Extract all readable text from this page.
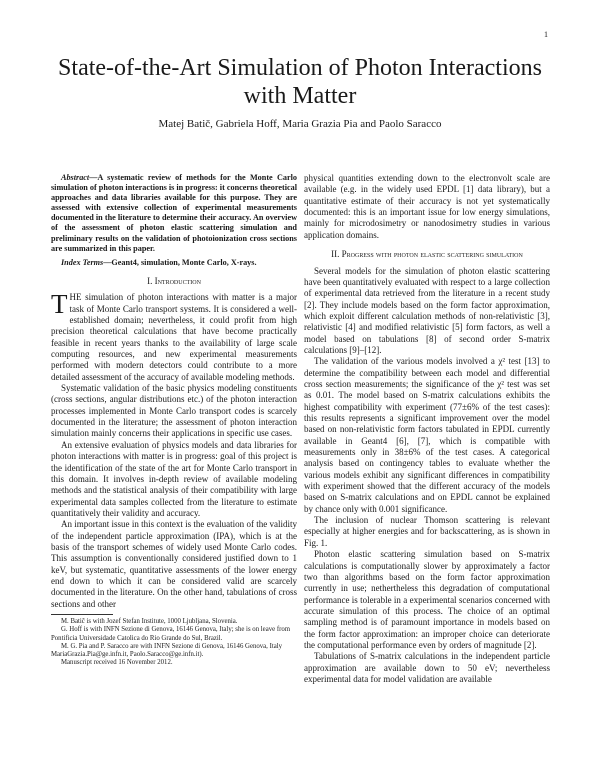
1
State-of-the-Art Simulation of Photon Interactions with Matter
Matej Batič, Gabriela Hoff, Maria Grazia Pia and Paolo Saracco

Abstract—A systematic review of methods for the Monte Carlo simulation of photon interactions is in progress: it concerns theoretical approaches and data libraries available for this purpose. They are assessed with extensive collection of experimental measurements documented in the literature to determine their accuracy. An overview of the assessment of photon elastic scattering simulation and preliminary results on the validation of photoionization cross sections are summarized in this paper.

Index Terms—Geant4, simulation, Monte Carlo, X-rays.

I. Introduction

THE simulation of photon interactions with matter is a major task of Monte Carlo transport systems. It is considered a well-established domain; nevertheless, it could profit from high precision theoretical calculations that have become practically feasible in recent years thanks to the availability of large scale computing resources, and new experimental measurements performed with modern detectors could contribute to a more detailed assessment of the accuracy of available modeling methods.

Systematic validation of the basic physics modeling constituents (cross sections, angular distributions etc.) of the photon interaction processes implemented in Monte Carlo transport codes is scarcely documented in the literature; the assessment of photon interaction simulation mainly concerns their applications in specific use cases.

An extensive evaluation of physics models and data libraries for photon interactions with matter is in progress: goal of this project is the identification of the state of the art for Monte Carlo transport in this domain. It involves in-depth review of available modeling methods and the statistical analysis of their compatibility with large experimental data samples collected from the literature to estimate quantitatively their validity and accuracy.

An important issue in this context is the evaluation of the validity of the independent particle approximation (IPA), which is at the basis of the transport schemes of widely used Monte Carlo codes. This assumption is conventionally considered justified down to 1 keV, but systematic, quantitative assessments of the lower energy end down to which it can be considered valid are scarcely documented in the literature. On the other hand, tabulations of cross sections and other

M. Batič is with Jozef Stefan Institute, 1000 Ljubljana, Slovenia.

G. Hoff is with INFN Sezione di Genova, 16146 Genova, Italy; she is on leave from Pontificia Universidade Catolica do Rio Grande do Sul, Brazil.

M. G. Pia and P. Saracco are with INFN Sezione di Genova, 16146 Genova, Italy MariaGrazia.Pia@ge.infn.it, Paolo.Saracco@ge.infn.it).

Manuscript received 16 November 2012.

physical quantities extending down to the electronvolt scale are available (e.g. in the widely used EPDL [1] data library), but a quantitative estimate of their accuracy is not yet systematically documented: this is an important issue for low energy simulations, mainly for microdosimetry or nanodosimetry studies in various application domains.

II. Progress with photon elastic scattering simulation

Several models for the simulation of photon elastic scattering have been quantitatively evaluated with respect to a large collection of experimental data retrieved from the literature in a recent study [2]. They include models based on the form factor approximation, which exploit different calculation methods of non-relativistic [3], relativistic [4] and modified relativistic [5] form factors, as well a model based on tabulations [8] of second order S-matrix calculations [9]–[12].

The validation of the various models involved a χ² test [13] to determine the compatibility between each model and differential cross section measurements; the significance of the χ² test was set as 0.01. The model based on S-matrix calculations exhibits the highest compatibility with experiment (77±6% of the test cases): this results represents a significant improvement over the model based on non-relativistic form factors tabulated in EPDL currently available in Geant4 [6], [7], which is compatible with measurements only in 38±6% of the test cases. A categorical analysis based on contingency tables to evaluate whether the various models exhibit any significant differences in compatibility with experiment showed that the different accuracy of the models based on S-matrix calculations and on EPDL cannot be explained by chance only with 0.001 significance.

The inclusion of nuclear Thomson scattering is relevant especially at higher energies and for backscattering, as is shown in Fig. 1.

Photon elastic scattering simulation based on S-matrix calculations is computationally slower by approximately a factor two than algorithms based on the form factor approximation currently in use; nethertheless this degradation of computational performance is tolerable in a experimental scenarios concerned with accurate simulation of this process. The choice of an optimal sampling method is of paramount importance in models based on the form factor approximation: an improper choice can deteriorate the computational performance even by orders of magnitude [2].

Tabulations of S-matrix calculations in the independent particle approximation are available down to 50 eV; nevertheless experimental data for model validation are available
